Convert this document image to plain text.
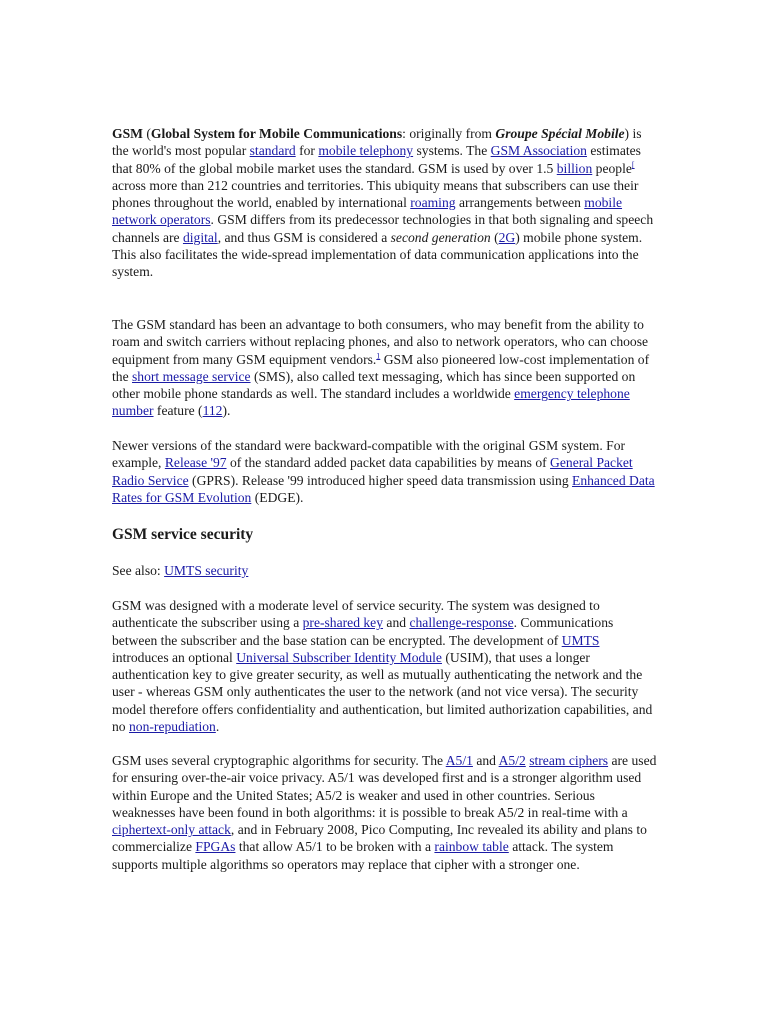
GSM (Global System for Mobile Communications: originally from Groupe Spécial Mobile) is the world's most popular standard for mobile telephony systems. The GSM Association estimates that 80% of the global mobile market uses the standard. GSM is used by over 1.5 billion people[ across more than 212 countries and territories. This ubiquity means that subscribers can use their phones throughout the world, enabled by international roaming arrangements between mobile network operators. GSM differs from its predecessor technologies in that both signaling and speech channels are digital, and thus GSM is considered a second generation (2G) mobile phone system. This also facilitates the wide-spread implementation of data communication applications into the system.

The GSM standard has been an advantage to both consumers, who may benefit from the ability to roam and switch carriers without replacing phones, and also to network operators, who can choose equipment from many GSM equipment vendors.$^1$ GSM also pioneered low-cost implementation of the short message service (SMS), also called text messaging, which has since been supported on other mobile phone standards as well. The standard includes a worldwide emergency telephone number feature (112).

Newer versions of the standard were backward-compatible with the original GSM system. For example, Release '97 of the standard added packet data capabilities by means of General Packet Radio Service (GPRS). Release '99 introduced higher speed data transmission using Enhanced Data Rates for GSM Evolution (EDGE).

GSM service security

See also: UMTS security

GSM was designed with a moderate level of service security. The system was designed to authenticate the subscriber using a pre-shared key and challenge-response. Communications between the subscriber and the base station can be encrypted. The development of UMTS introduces an optional Universal Subscriber Identity Module (USIM), that uses a longer authentication key to give greater security, as well as mutually authenticating the network and the user - whereas GSM only authenticates the user to the network (and not vice versa). The security model therefore offers confidentiality and authentication, but limited authorization capabilities, and no non-repudiation.

GSM uses several cryptographic algorithms for security. The A5/1 and A5/2 stream ciphers are used for ensuring over-the-air voice privacy. A5/1 was developed first and is a stronger algorithm used within Europe and the United States; A5/2 is weaker and used in other countries. Serious weaknesses have been found in both algorithms: it is possible to break A5/2 in real-time with a ciphertext-only attack, and in February 2008, Pico Computing, Inc revealed its ability and plans to commercialize FPGAs that allow A5/1 to be broken with a rainbow table attack. The system supports multiple algorithms so operators may replace that cipher with a stronger one.
